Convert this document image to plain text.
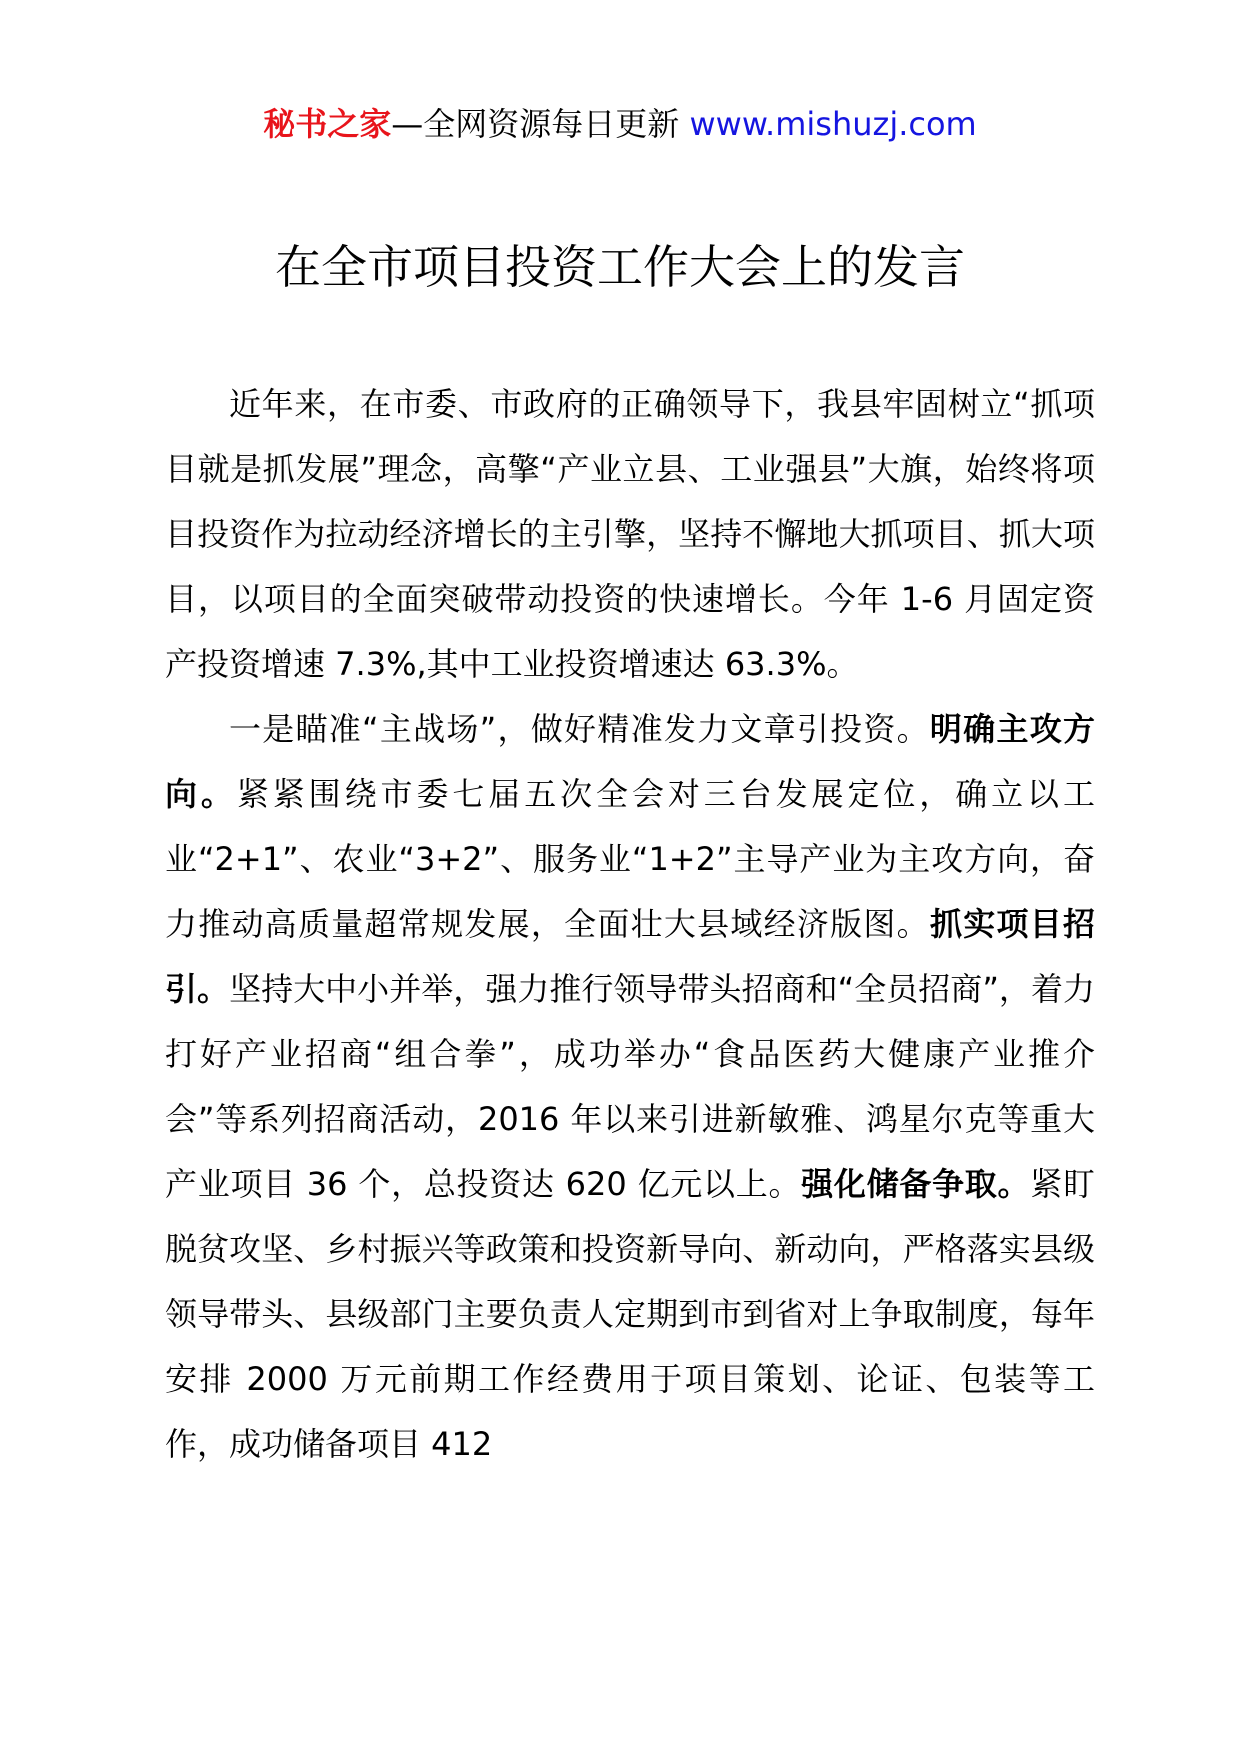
秘书之家—全网资源每日更新 www.mishuzj.com
在全市项目投资工作大会上的发言

近年来，在市委、市政府的正确领导下，我县牢固树立“抓项目就是抓发展”理念，高擎“产业立县、工业强县”大旗，始终将项目投资作为拉动经济增长的主引擎，坚持不懈地大抓项目、抓大项目，以项目的全面突破带动投资的快速增长。今年 1-6 月固定资产投资增速 7.3%,其中工业投资增速达 63.3%。

一是瞄准“主战场”，做好精准发力文章引投资。明确主攻方向。紧紧围绕市委七届五次全会对三台发展定位，确立以工业“2+1”、农业“3+2”、服务业“1+2”主导产业为主攻方向，奋力推动高质量超常规发展，全面壮大县域经济版图。抓实项目招引。坚持大中小并举，强力推行领导带头招商和“全员招商”，着力打好产业招商“组合拳”，成功举办“食品医药大健康产业推介会”等系列招商活动，2016 年以来引进新敏雅、鸿星尔克等重大产业项目 36 个，总投资达 620 亿元以上。强化储备争取。紧盯脱贫攻坚、乡村振兴等政策和投资新导向、新动向，严格落实县级领导带头、县级部门主要负责人定期到市到省对上争取制度，每年安排 2000 万元前期工作经费用于项目策划、论证、包装等工作，成功储备项目 412
